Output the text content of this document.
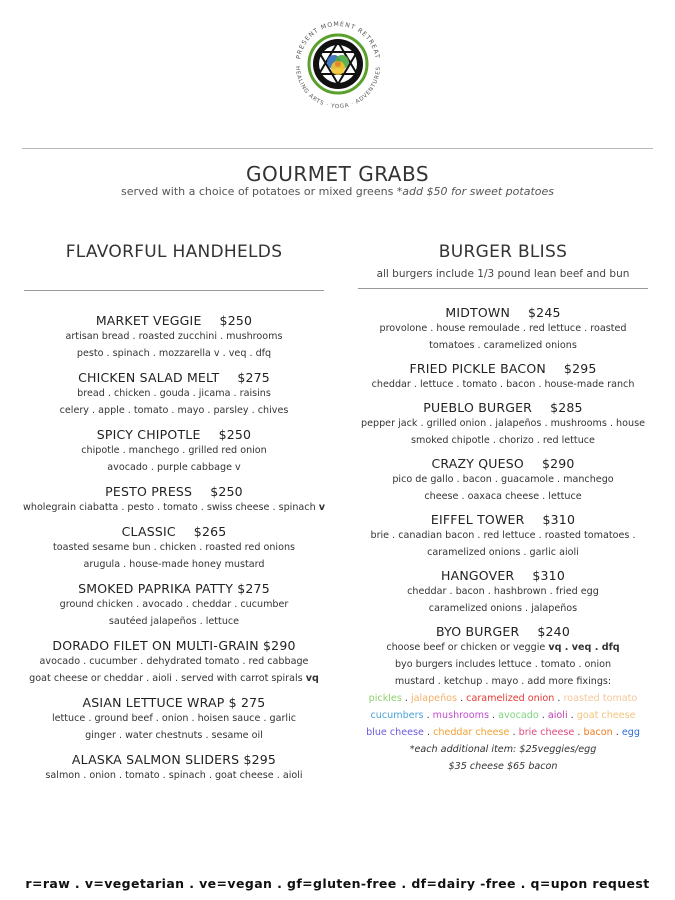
PRESENT MOMENT RETREAT
HEALING ARTS · YOGA · ADVENTURES
GOURMET GRABS
served with a choice of potatoes or mixed greens *add $50 for sweet potatoes
FLAVORFUL HANDHELDS
MARKET VEGGIE $250
artisan bread . roasted zucchini . mushrooms
pesto . spinach . mozzarella v . veq . dfq
CHICKEN SALAD MELT $275
bread . chicken . gouda . jicama . raisins
celery . apple . tomato . mayo . parsley . chives
SPICY CHIPOTLE $250
chipotle . manchego . grilled red onion
avocado . purple cabbage v
PESTO PRESS $250
wholegrain ciabatta . pesto . tomato . swiss cheese . spinach v
CLASSIC $265
toasted sesame bun . chicken . roasted red onions
arugula . house-made honey mustard
SMOKED PAPRIKA PATTY $275
ground chicken . avocado . cheddar . cucumber
sautéed jalapeños . lettuce
DORADO FILET ON MULTI-GRAIN $290
avocado . cucumber . dehydrated tomato . red cabbage
goat cheese or cheddar . aioli . served with carrot spirals vq
ASIAN LETTUCE WRAP $ 275
lettuce . ground beef . onion . hoisen sauce . garlic
ginger . water chestnuts . sesame oil
ALASKA SALMON SLIDERS $295
salmon . onion . tomato . spinach . goat cheese . aioli
BURGER BLISS
all burgers include 1/3 pound lean beef and bun
MIDTOWN $245
provolone . house remoulade . red lettuce . roasted
tomatoes . caramelized onions
FRIED PICKLE BACON $295
cheddar . lettuce . tomato . bacon . house-made ranch
PUEBLO BURGER $285
pepper jack . grilled onion . jalapeños . mushrooms . house
smoked chipotle . chorizo . red lettuce
CRAZY QUESO $290
pico de gallo . bacon . guacamole . manchego
cheese . oaxaca cheese . lettuce
EIFFEL TOWER $310
brie . canadian bacon . red lettuce . roasted tomatoes .
caramelized onions . garlic aioli
HANGOVER $310
cheddar . bacon . hashbrown . fried egg
caramelized onions . jalapeños
BYO BURGER $240
choose beef or chicken or veggie vq . veq . dfq
byo burgers includes lettuce . tomato . onion
mustard . ketchup . mayo . add more fixings:
pickles . jalapeños . caramelized onion . roasted tomato
cucumbers . mushrooms . avocado . aioli . goat cheese
blue cheese . cheddar cheese . brie cheese . bacon . egg
*each additional item: $25veggies/egg
$35 cheese $65 bacon
r=raw . v=vegetarian . ve=vegan . gf=gluten-free . df=dairy -free . q=upon request
